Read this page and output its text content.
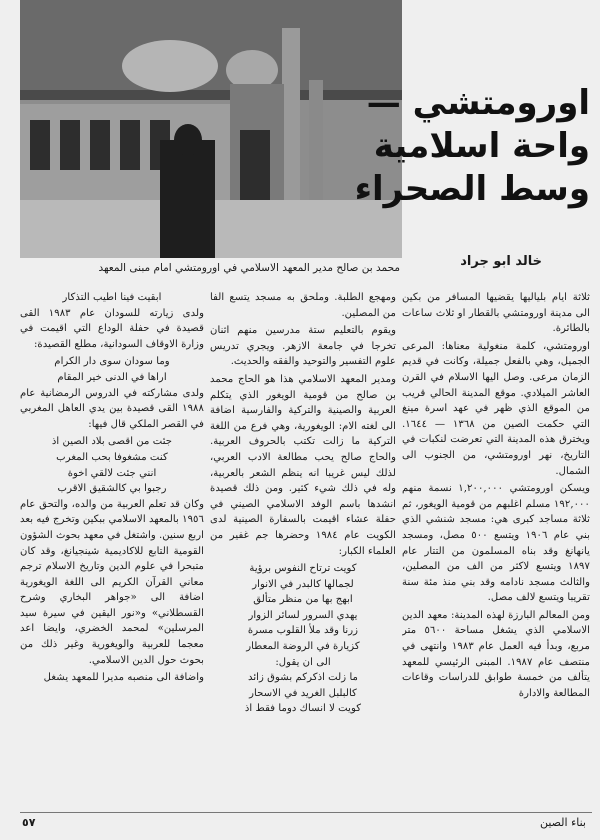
اورومتشي —
واحة اسلامية
وسط الصحراء
خالد ابو جراد
محمد بن صالح مدير المعهد الاسلامي في اورومتشي امام مبنى المعهد

ثلاثة ايام بلياليها يقضيها المسافر من بكين الى مدينة اورومتشي بالقطار او ثلاث ساعات بالطائرة.

اورومتشي، كلمة منغولية معناها: المرعى الجميل، وهي بالفعل جميلة، وكانت في قديم الزمان مرعى. وصل اليها الاسلام في القرن العاشر الميلادي. موقع المدينة الحالي قريب من الموقع الذي ظهر في عهد اسرة مينغ التي حكمت الصين من ١٣٦٨ — ١٦٤٤. ويخترق هذه المدينة التي تعرضت لنكبات في التاريخ، نهر اورومتشي، من الجنوب الى الشمال.

ويسكن اورومتشي ١,٢٠٠,٠٠٠ نسمة منهم ١٩٢,٠٠٠ مسلم اغلبهم من قومية الويغور، ثم ثلاثة مساجد كبرى هي: مسجد شنشي الذي بني عام ١٩٠٦ ويتسع ٥٠٠ مصل، ومسجد يانهانغ وقد بناه المسلمون من التتار عام ١٨٩٧ ويتسع لاكثر من الف من المصلين، والثالث مسجد نادامه وقد بني منذ مئة سنة تقريبا ويتسع لالف مصل.

ومن المعالم البارزة لهذه المدينة: معهد الدين الاسلامي الذي يشغل مساحة ٥٦٠٠ متر مربع، وبدأ فيه العمل عام ١٩٨٣ وانتهى في منتصف عام ١٩٨٧. المبنى الرئيسي للمعهد يتألف من خمسة طوابق للدراسات وقاعات المطالعة والادارة

ومهجع الطلبة. وملحق به مسجد يتسع الفا من المصلين.

ويقوم بالتعليم ستة مدرسين منهم اثنان تخرجا في جامعة الازهر. ويجري تدريس علوم التفسير والتوحيد والفقه والحديث.

ومدير المعهد الاسلامي هذا هو الحاج محمد بن صالح من قومية الويغور الذي يتكلم العربية والصينية والتركية والفارسية اضافة الى لغته الام: الويغورية، وهي فرع من اللغة التركية ما زالت تكتب بالحروف العربية. والحاج صالح يحب مطالعة الادب العربي، لذلك ليس غريبا انه ينظم الشعر بالعربية، وله في ذلك شيء كثير. ومن ذلك قصيدة انشدها باسم الوفد الاسلامي الصيني في حفلة عشاء اقيمت بالسفارة الصينية لدى الكويت عام ١٩٨٤ وحضرها جم غفير من العلماء الكبار:

كويت ترتاح النفوس برؤية
لجمالها كالبدر في الانوار
ابهج بها من منظر متألق
يهدي السرور لسائر الزوار
زرنا وقد ملأ القلوب مسرة
كزيارة في الروضة المعطار
الى ان يقول:
ما زلت اذكركم بشوق زائد
كالبلبل الغريد في الاسحار
كويت لا انساك دوما فقط اذ
ابقيت فينا اطيب التذكار

ولدى زيارته للسودان عام ١٩٨٣ القى قصيدة في حفلة الوداع التي اقيمت في وزارة الاوقاف السودانية، مطلع القصيدة:

وما سودان سوى دار الكرام
اراها في الدنى خير المقام

ولدى مشاركته في الدروس الرمضانية عام ١٩٨٨ القى قصيدة بين يدي العاهل المغربي في القصر الملكي قال فيها:

جئت من اقصى بلاد الصين اذ
كنت مشغوفا بحب المغرب
انني جئت لالقي اخوة
رجبوا بي كالشقيق الاقرب

وكان قد تعلم العربية من والده، والتحق عام ١٩٥٦ بالمعهد الاسلامي ببكين وتخرج فيه بعد اربع سنين. واشتغل في معهد بحوث الشؤون القومية التابع للاكاديمية شينجيانغ، وقد كان متبحرا في علوم الدين وتاريخ الاسلام ترجم معاني القرآن الكريم الى اللغة الويغورية اضافة الى «جواهر البخاري وشرح القسطلاني» و«نور اليقين في سيرة سيد المرسلين» لمحمد الخضري، وايضا اعد معجما للعربية والويغورية وغير ذلك من بحوث حول الدين الاسلامي.

واضافة الى منصبه مديرا للمعهد يشغل

٥٧	بناء الصين
